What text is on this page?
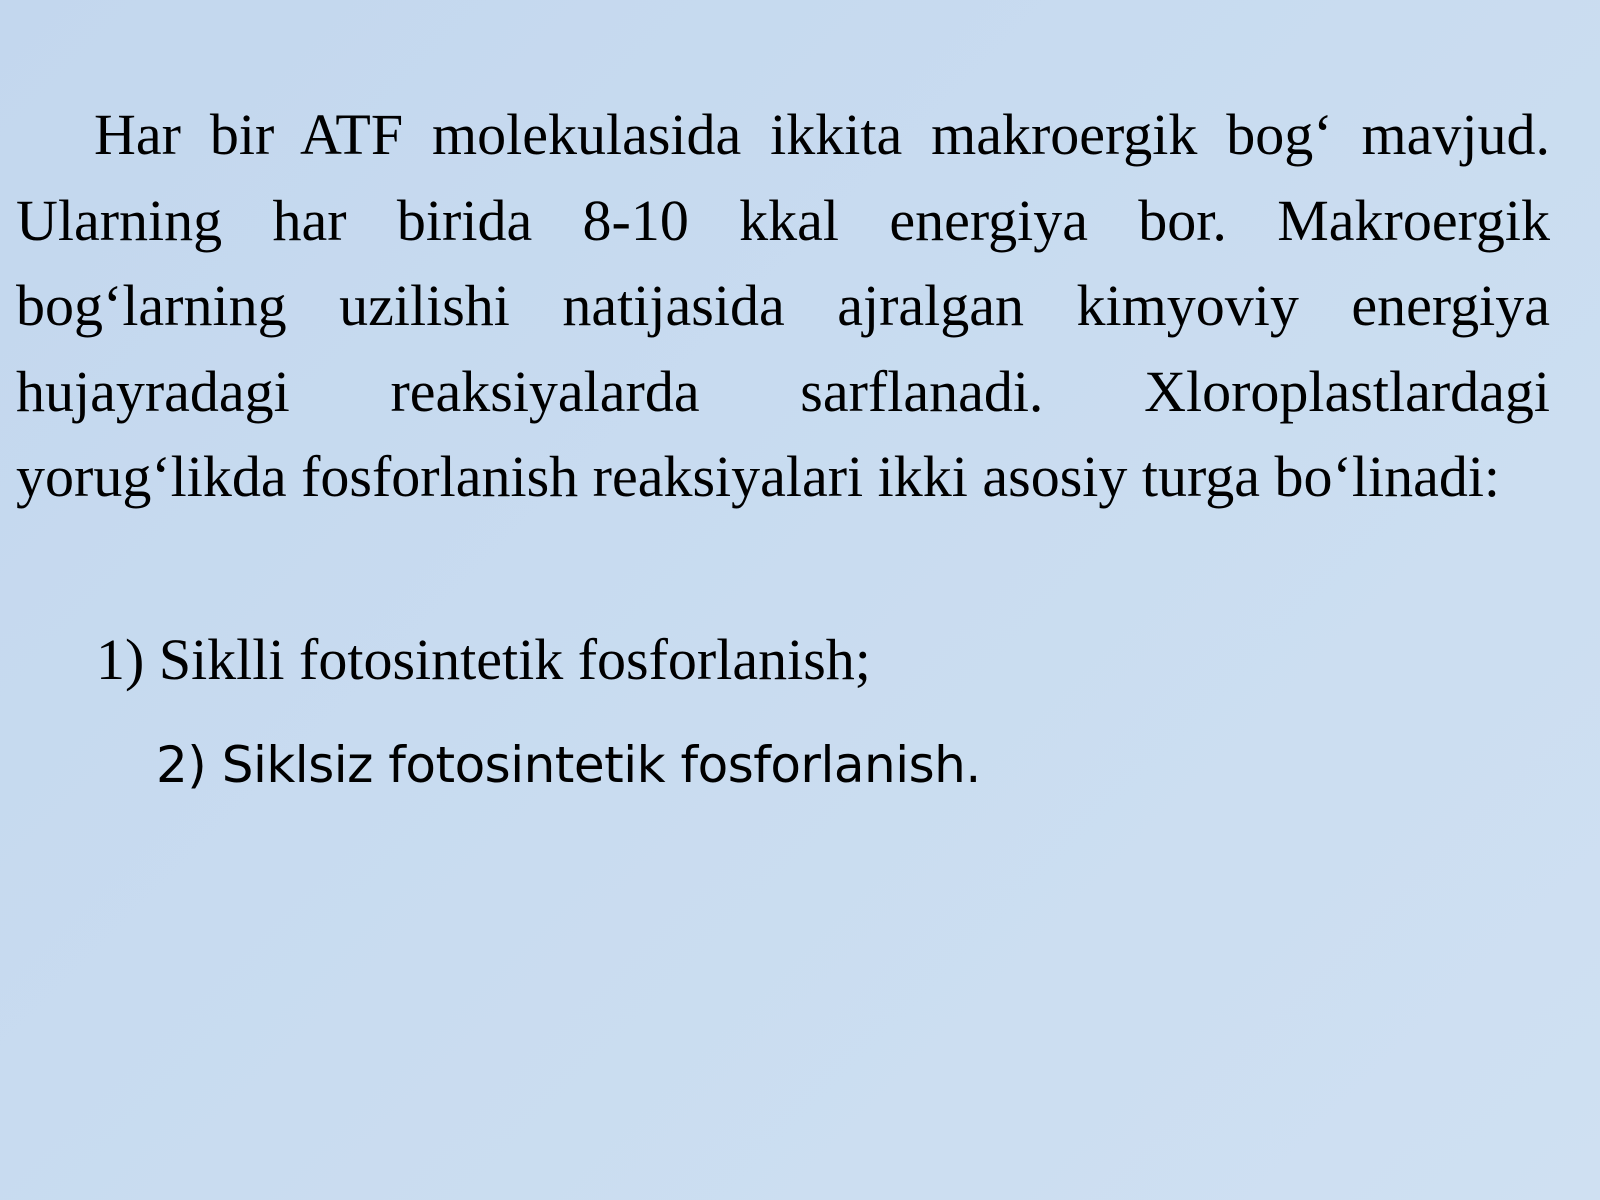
Har bir ATF molekulasida ikkita makroergik bog‘ mavjud. Ularning har birida 8-10 kkal energiya bor. Makroergik bog‘larning uzilishi natijasida ajralgan kimyoviy energiya hujayradagi reaksiyalarda sarflanadi. Xloroplastlardagi yorug‘likda fosforlanish reaksiyalari ikki asosiy turga bo‘linadi:

1) Siklli fotosintetik fosforlanish;

2) Siklsiz fotosintetik fosforlanish.
